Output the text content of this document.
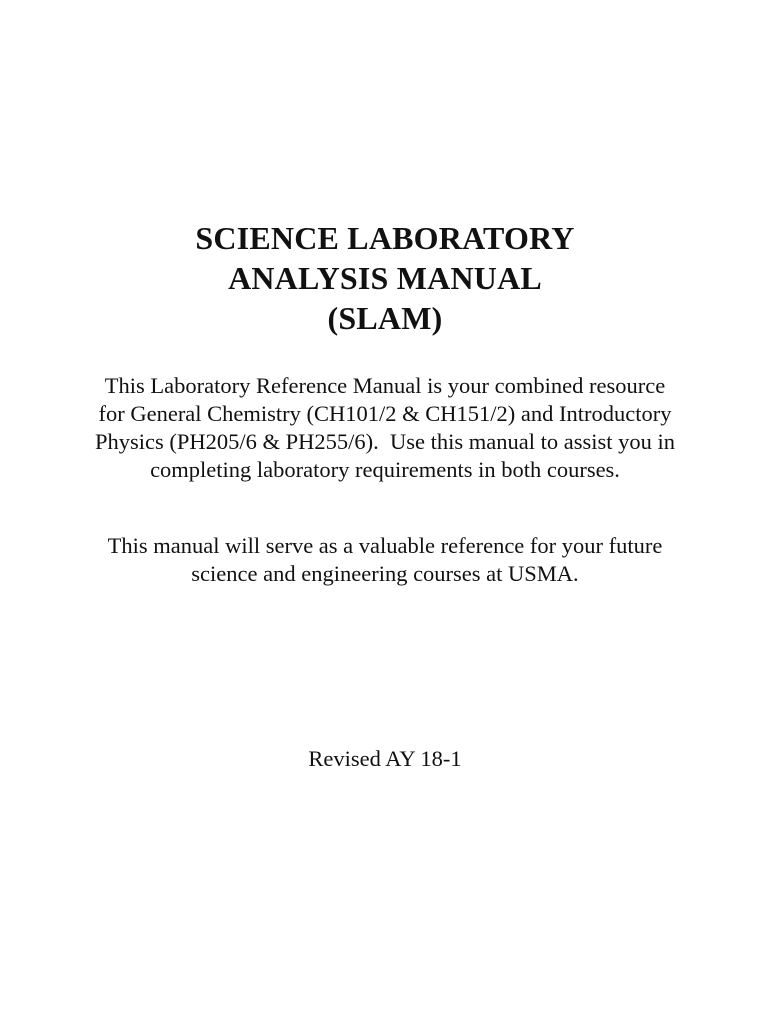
SCIENCE LABORATORY
ANALYSIS MANUAL
(SLAM)

This Laboratory Reference Manual is your combined resource
for General Chemistry (CH101/2 & CH151/2) and Introductory
Physics (PH205/6 & PH255/6).  Use this manual to assist you in
completing laboratory requirements in both courses.

This manual will serve as a valuable reference for your future
science and engineering courses at USMA.

Revised AY 18-1
